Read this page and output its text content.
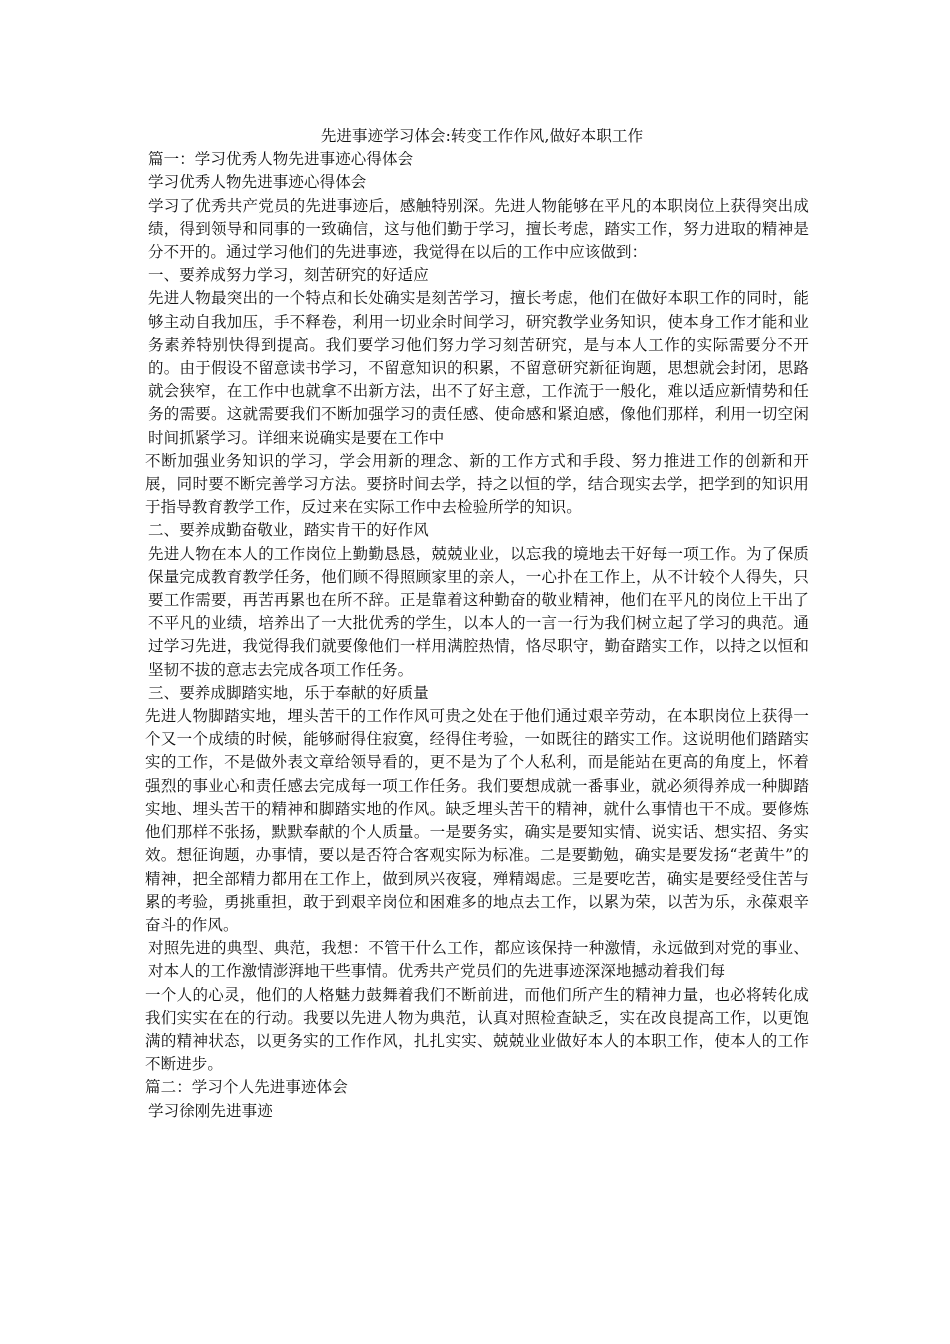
先进事迹学习体会:转变工作作风,做好本职工作

篇一：学习优秀人物先进事迹心得体会

学习优秀人物先进事迹心得体会

学习了优秀共产党员的先进事迹后，感触特别深。先进人物能够在平凡的本职岗位上获得突出成绩，得到领导和同事的一致确信，这与他们勤于学习，擅长考虑，踏实工作，努力进取的精神是分不开的。通过学习他们的先进事迹，我觉得在以后的工作中应该做到：

一、要养成努力学习，刻苦研究的好适应

先进人物最突出的一个特点和长处确实是刻苦学习，擅长考虑，他们在做好本职工作的同时，能够主动自我加压，手不释卷，利用一切业余时间学习，研究教学业务知识，使本身工作才能和业务素养特别快得到提高。我们要学习他们努力学习刻苦研究，是与本人工作的实际需要分不开的。由于假设不留意读书学习，不留意知识的积累，不留意研究新征询题，思想就会封闭，思路就会狭窄，在工作中也就拿不出新方法，出不了好主意，工作流于一般化，难以适应新情势和任务的需要。这就需要我们不断加强学习的责任感、使命感和紧迫感，像他们那样，利用一切空闲时间抓紧学习。详细来说确实是要在工作中

不断加强业务知识的学习，学会用新的理念、新的工作方式和手段、努力推进工作的创新和开展，同时要不断完善学习方法。要挤时间去学，持之以恒的学，结合现实去学，把学到的知识用于指导教育教学工作，反过来在实际工作中去检验所学的知识。

二、要养成勤奋敬业，踏实肯干的好作风

先进人物在本人的工作岗位上勤勤恳恳，兢兢业业，以忘我的境地去干好每一项工作。为了保质保量完成教育教学任务，他们顾不得照顾家里的亲人，一心扑在工作上，从不计较个人得失，只要工作需要，再苦再累也在所不辞。正是靠着这种勤奋的敬业精神，他们在平凡的岗位上干出了不平凡的业绩，培养出了一大批优秀的学生，以本人的一言一行为我们树立起了学习的典范。通过学习先进，我觉得我们就要像他们一样用满腔热情，恪尽职守，勤奋踏实工作，以持之以恒和坚韧不拔的意志去完成各项工作任务。

三、要养成脚踏实地，乐于奉献的好质量

先进人物脚踏实地，埋头苦干的工作作风可贵之处在于他们通过艰辛劳动，在本职岗位上获得一个又一个成绩的时候，能够耐得住寂寞，经得住考验，一如既往的踏实工作。这说明他们踏踏实实的工作，不是做外表文章给领导看的，更不是为了个人私利，而是能站在更高的角度上，怀着强烈的事业心和责任感去完成每一项工作任务。我们要想成就一番事业，就必须得养成一种脚踏实地、埋头苦干的精神和脚踏实地的作风。缺乏埋头苦干的精神，就什么事情也干不成。要修炼他们那样不张扬，默默奉献的个人质量。一是要务实，确实是要知实情、说实话、想实招、务实效。想征询题，办事情，要以是否符合客观实际为标准。二是要勤勉，确实是要发扬“老黄牛”的精神，把全部精力都用在工作上，做到夙兴夜寝，殚精竭虑。三是要吃苦，确实是要经受住苦与累的考验，勇挑重担，敢于到艰辛岗位和困难多的地点去工作，以累为荣，以苦为乐，永葆艰辛奋斗的作风。

对照先进的典型、典范，我想：不管干什么工作，都应该保持一种激情，永远做到对党的事业、对本人的工作激情澎湃地干些事情。优秀共产党员们的先进事迹深深地撼动着我们每

一个人的心灵，他们的人格魅力鼓舞着我们不断前进，而他们所产生的精神力量，也必将转化成我们实实在在的行动。我要以先进人物为典范，认真对照检查缺乏，实在改良提高工作，以更饱满的精神状态，以更务实的工作作风，扎扎实实、兢兢业业做好本人的本职工作，使本人的工作不断进步。

篇二：学习个人先进事迹体会

学习徐刚先进事迹
